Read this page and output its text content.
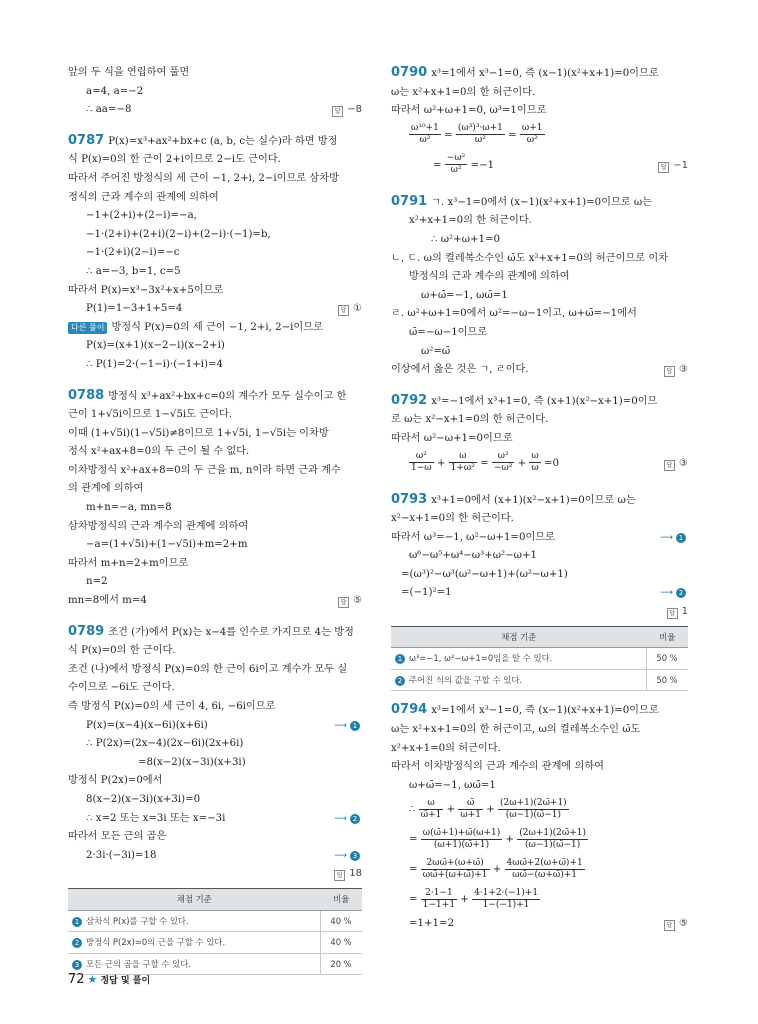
앞의 두 식을 연립하여 풀면
a=4, a=−2
∴ aa=−8	답 −8
0787 P(x)=x³+ax²+bx+c (a, b, c는 실수)라 하면 방정
식 P(x)=0의 한 근이 2+i이므로 2−i도 근이다.
따라서 주어진 방정식의 세 근이 −1, 2+i, 2−i이므로 삼차방
정식의 근과 계수의 관계에 의하여
−1+(2+i)+(2−i)=−a,
−1·(2+i)+(2+i)(2−i)+(2−i)·(−1)=b,
−1·(2+i)(2−i)=−c
∴ a=−3, b=1, c=5
따라서 P(x)=x³−3x²+x+5이므로
P(1)=1−3+1+5=4	답 ①
다른 풀이 방정식 P(x)=0의 세 근이 −1, 2+i, 2−i이므로
P(x)=(x+1)(x−2−i)(x−2+i)
∴ P(1)=2·(−1−i)·(−1+i)=4
0788 방정식 x³+ax²+bx+c=0의 계수가 모두 실수이고 한
근이 1+√5i이므로 1−√5i도 근이다.
이때 (1+√5i)(1−√5i)≠8이므로 1+√5i, 1−√5i는 이차방
정식 x²+ax+8=0의 두 근이 될 수 없다.
이차방정식 x²+ax+8=0의 두 근을 m, n이라 하면 근과 계수
의 관계에 의하여
m+n=−a, mn=8
삼차방정식의 근과 계수의 관계에 의하여
−a=(1+√5i)+(1−√5i)+m=2+m
따라서 m+n=2+m이므로
n=2
mn=8에서 m=4	답 ⑤
0789 조건 (가)에서 P(x)는 x−4를 인수로 가지므로 4는 방정
식 P(x)=0의 한 근이다.
조건 (나)에서 방정식 P(x)=0의 한 근이 6i이고 계수가 모두 실
수이므로 −6i도 근이다.
즉 방정식 P(x)=0의 세 근이 4, 6i, −6i이므로
P(x)=(x−4)(x−6i)(x+6i)	⟶ 1
∴ P(2x)=(2x−4)(2x−6i)(2x+6i)
=8(x−2)(x−3i)(x+3i)
방정식 P(2x)=0에서
8(x−2)(x−3i)(x+3i)=0
∴ x=2 또는 x=3i 또는 x=−3i	⟶ 2
따라서 모든 근의 곱은
2·3i·(−3i)=18	⟶ 3
답 18

채점 기준	비율
1 삼차식 P(x)를 구할 수 있다.	40 %
2 방정식 P(2x)=0의 근을 구할 수 있다.	40 %
3 모든 근의 곱을 구할 수 있다.	20 %
0790 x³=1에서 x³−1=0, 즉 (x−1)(x²+x+1)=0이므로
ω는 x²+x+1=0의 한 허근이다.
따라서 ω²+ω+1=0, ω³=1이므로
$\frac{\text{ω¹⁰+1}}{\text{ω²}} = \frac{\text{(ω³)³·ω+1}}{\text{ω²}} = \frac{\omega+1}{\text{ω²}}$
= $\frac{\text{−ω²}}{\text{ω²}} =-1$	답 −1
0791 ㄱ. x³−1=0에서 (x−1)(x²+x+1)=0이므로 ω는
x²+x+1=0의 한 허근이다.
∴ ω²+ω+1=0
ㄴ, ㄷ. ω의 켤레복소수인 ω̄도 x²+x+1=0의 허근이므로 이차
방정식의 근과 계수의 관계에 의하여
ω+ω̄=−1, ωω̄=1
ㄹ. ω²+ω+1=0에서 ω²=−ω−1이고, ω+ω̄=−1에서
ω̄=−ω−1이므로
ω²=ω̄
이상에서 옳은 것은 ㄱ, ㄹ이다.	답 ③
0792 x³=−1에서 x³+1=0, 즉 (x+1)(x²−x+1)=0이므
로 ω는 x²−x+1=0의 한 허근이다.
따라서 ω²−ω+1=0이므로
$\frac{\text{ω²}}{1-\omega} + \frac{\omega}{\text{1+ω²}} = \frac{\text{ω²}}{\text{−ω²}} + \frac{\omega}{\omega} =0$	답 ③
0793 x³+1=0에서 (x+1)(x²−x+1)=0이므로 ω는
x²−x+1=0의 한 허근이다.
따라서 ω³=−1, ω²−ω+1=0이므로	⟶ 1
ω⁶−ω⁵+ω⁴−ω³+ω²−ω+1
=(ω³)²−ω³(ω²−ω+1)+(ω²−ω+1)
=(−1)²=1	⟶ 2
답 1

채점 기준	비율
1 ω³=−1, ω²−ω+1=0임을 알 수 있다.	50 %
2 주어진 식의 값을 구할 수 있다.	50 %
0794 x³=1에서 x³−1=0, 즉 (x−1)(x²+x+1)=0이므로
ω는 x²+x+1=0의 한 허근이고, ω의 켤레복소수인 ω̄도
x²+x+1=0의 허근이다.
따라서 이차방정식의 근과 계수의 관계에 의하여
ω+ω̄=−1, ωω̄=1
∴ $\frac{\omega}{\omegā+1} + \frac{\omegā}{\omega+1} + \frac{(2\omega+1)(2\omegā+1)}{(\omega-1)(\omegā-1)}$
= $\frac{\omega(\omegā+1)+\omegā(\omega+1)}{(\omega+1)(\omegā+1)} + \frac{(2\omega+1)(2\omegā+1)}{(\omega-1)(\omegā-1)}$
= $\frac{2\omega\omegā+(\omega+\omegā)}{\omega\omegā+(\omega+\omegā)+1} + \frac{4\omega\omegā+2(\omega+\omegā)+1}{\omega\omegā-(\omega+\omegā)+1}$
= $\frac{2\cdot 1-1}{1-1+1} + \frac{4\cdot 1+2\cdot(-1)+1}{1-(-1)+1}$
=1+1=2	답 ⑤
72 ★ 정답 및 풀이
